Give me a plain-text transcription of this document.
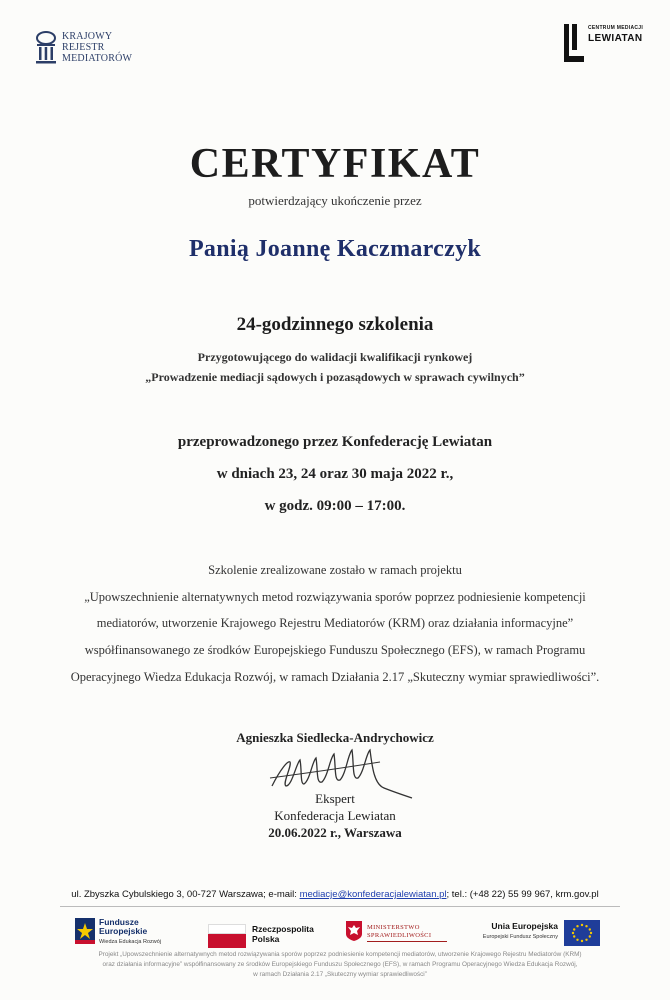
KRAJOWY
REJESTR
MEDIATORÓW
CENTRUM MEDIACJI
LEWIATAN
CERTYFIKAT
potwierdzający ukończenie przez
Panią Joannę Kaczmarczyk
24-godzinnego szkolenia
Przygotowującego do walidacji kwalifikacji rynkowej
„Prowadzenie mediacji sądowych i pozasądowych w sprawach cywilnych”
przeprowadzonego przez Konfederację Lewiatan
w dniach 23, 24 oraz 30 maja 2022 r.,
w godz. 09:00 – 17:00.
Szkolenie zrealizowane zostało w ramach projektu
„Upowszechnienie alternatywnych metod rozwiązywania sporów poprzez podniesienie kompetencji
mediatorów, utworzenie Krajowego Rejestru Mediatorów (KRM) oraz działania informacyjne”
współfinansowanego ze środków Europejskiego Funduszu Społecznego (EFS), w ramach Programu
Operacyjnego Wiedza Edukacja Rozwój, w ramach Działania 2.17 „Skuteczny wymiar sprawiedliwości”.
Agnieszka Siedlecka-Andrychowicz
Ekspert
Konfederacja Lewiatan
20.06.2022 r., Warszawa
ul. Zbyszka Cybulskiego 3, 00-727 Warszawa; e-mail: mediacje@konfederacjalewiatan.pl; tel.: (+48 22) 55 99 967, krm.gov.pl
Fundusze
Europejskie
Wiedza Edukacja Rozwój
Rzeczpospolita
Polska
MINISTERSTWO
SPRAWIEDLIWOŚCI
Unia Europejska
Europejski Fundusz Społeczny
Projekt „Upowszechnienie alternatywnych metod rozwiązywania sporów poprzez podniesienie kompetencji mediatorów, utworzenie Krajowego Rejestru Mediatorów (KRM)
oraz działania informacyjne” współfinansowany ze środków Europejskiego Funduszu Społecznego (EFS), w ramach Programu Operacyjnego Wiedza Edukacja Rozwój,
w ramach Działania 2.17 „Skuteczny wymiar sprawiedliwości”
